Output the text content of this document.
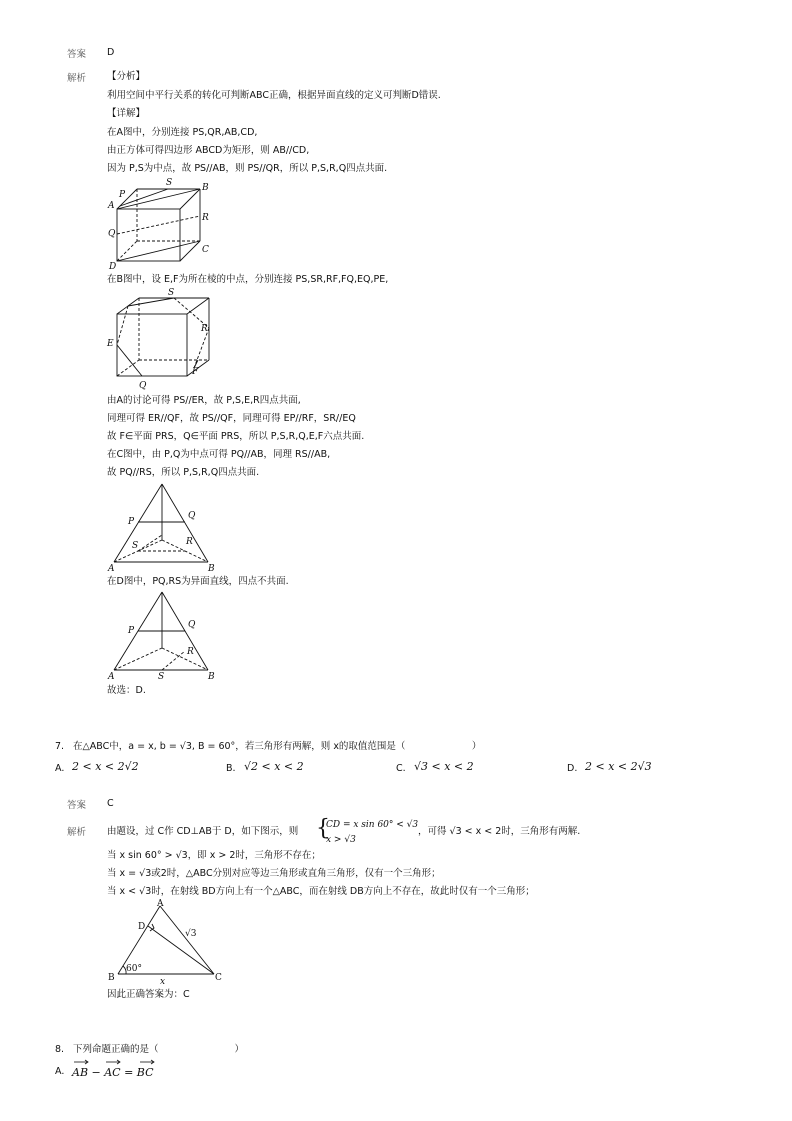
答案 D
解析 【分析】
利用空间中平行关系的转化可判断ABC正确，根据异面直线的定义可判断D错误.
【详解】
在A图中，分别连接 PS,QR,AB,CD,
由正方体可得四边形 ABCD为矩形，则 AB//CD,
因为 P,S为中点，故 PS//AB，则 PS//QR，所以 P,S,R,Q四点共面.
P
S	B
A
R
Q
C
D
在B图中，设 E,F为所在棱的中点，分别连接 PS,SR,RF,FQ,EQ,PE,
S
R
E
F
Q
由A的讨论可得 PS//ER，故 P,S,E,R四点共面,
同理可得 ER//QF，故 PS//QF，同理可得 EP//RF，SR//EQ
故 F∈平面 PRS，Q∈平面 PRS，所以 P,S,R,Q,E,F六点共面.
在C图中，由 P,Q为中点可得 PQ//AB，同理 RS//AB,
故 PQ//RS，所以 P,S,R,Q四点共面.
P
Q
S	R
A	B
在D图中，PQ,RS为异面直线，四点不共面.
P
Q
R
A	S	B
故选：D.
7. 在△ABC中，a = x, b = √3, B = 60°，若三角形有两解，则 x的取值范围是（　　　　　　　）
A. 2 < x < 2√2	B. √2 < x < 2	C. √3 < x < 2	D. 2 < x < 2√3
答案 C
解析 由题设，过 C作 CD⊥AB于 D，如下图示，则 {
CD = x sin 60° < √3
x > √3
，可得 √3 < x < 2时，三角形有两解.
当 x sin 60° > √3，即 x > 2时，三角形不存在；
当 x = √3或2时，△ABC分别对应等边三角形或直角三角形，仅有一个三角形；
当 x < √3时，在射线 BD方向上有一个△ABC，而在射线 DB方向上不存在，故此时仅有一个三角形；
A
D
√3
B
60°
x	C
因此正确答案为：C
8. 下列命题正确的是（　　　　　　　　）
A. AB − AC = BC
